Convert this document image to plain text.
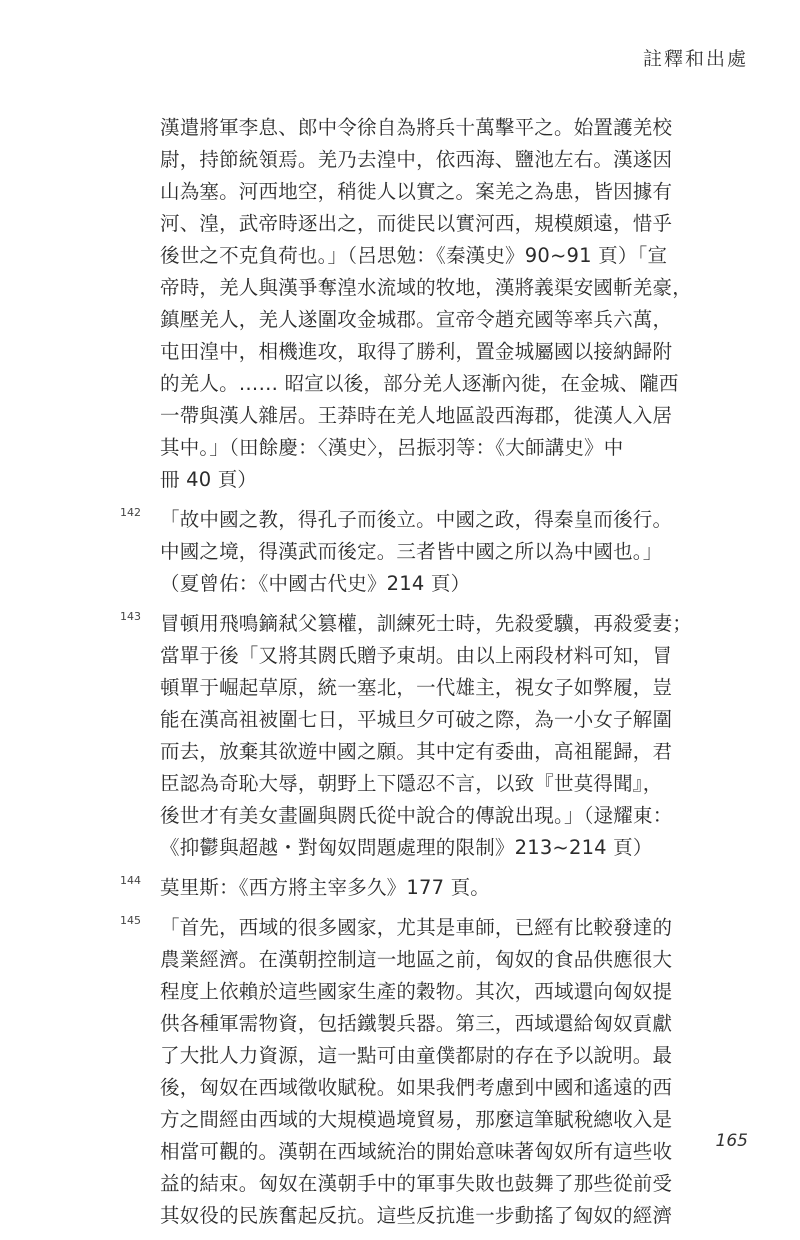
註釋和出處
漢遣將軍李息、郎中令徐自為將兵十萬擊平之。始置護羌校
尉，持節統領焉。羌乃去湟中，依西海、鹽池左右。漢遂因
山為塞。河西地空，稍徙人以實之。案羌之為患，皆因據有
河、湟，武帝時逐出之，而徙民以實河西，規模頗遠，惜乎
後世之不克負荷也。」（呂思勉：《秦漢史》90~91 頁）「宣
帝時，羌人與漢爭奪湟水流域的牧地，漢將義渠安國斬羌豪，
鎮壓羌人，羌人遂圍攻金城郡。宣帝令趙充國等率兵六萬，
屯田湟中，相機進攻，取得了勝利，置金城屬國以接納歸附
的羌人。…… 昭宣以後，部分羌人逐漸內徙，在金城、隴西
一帶與漢人雜居。王莽時在羌人地區設西海郡，徙漢人入居
其中。」（田餘慶：〈漢史〉，呂振羽等：《大師講史》中
冊 40 頁）
142 「故中國之教，得孔子而後立。中國之政，得秦皇而後行。
中國之境，得漢武而後定。三者皆中國之所以為中國也。」
（夏曾佑：《中國古代史》214 頁）
143 冒頓用飛鳴鏑弒父篡權，訓練死士時，先殺愛驥，再殺愛妻；
當單于後「又將其閼氏贈予東胡。由以上兩段材料可知，冒
頓單于崛起草原，統一塞北，一代雄主，視女子如弊履，豈
能在漢高祖被圍七日，平城旦夕可破之際，為一小女子解圍
而去，放棄其欲遊中國之願。其中定有委曲，高祖罷歸，君
臣認為奇恥大辱，朝野上下隱忍不言，以致『世莫得聞』，
後世才有美女畫圖與閼氏從中說合的傳說出現。」（逯耀東：
《抑鬱與超越・對匈奴問題處理的限制》213~214 頁）
144 莫里斯：《西方將主宰多久》177 頁。
145 「首先，西域的很多國家，尤其是車師，已經有比較發達的
農業經濟。在漢朝控制這一地區之前，匈奴的食品供應很大
程度上依賴於這些國家生產的穀物。其次，西域還向匈奴提
供各種軍需物資，包括鐵製兵器。第三，西域還給匈奴貢獻
了大批人力資源，這一點可由童僕都尉的存在予以說明。最
後，匈奴在西域徵收賦稅。如果我們考慮到中國和遙遠的西
方之間經由西域的大規模過境貿易，那麼這筆賦稅總收入是
相當可觀的。漢朝在西域統治的開始意味著匈奴所有這些收
益的結束。匈奴在漢朝手中的軍事失敗也鼓舞了那些從前受
其奴役的民族奮起反抗。這些反抗進一步動搖了匈奴的經濟
165
